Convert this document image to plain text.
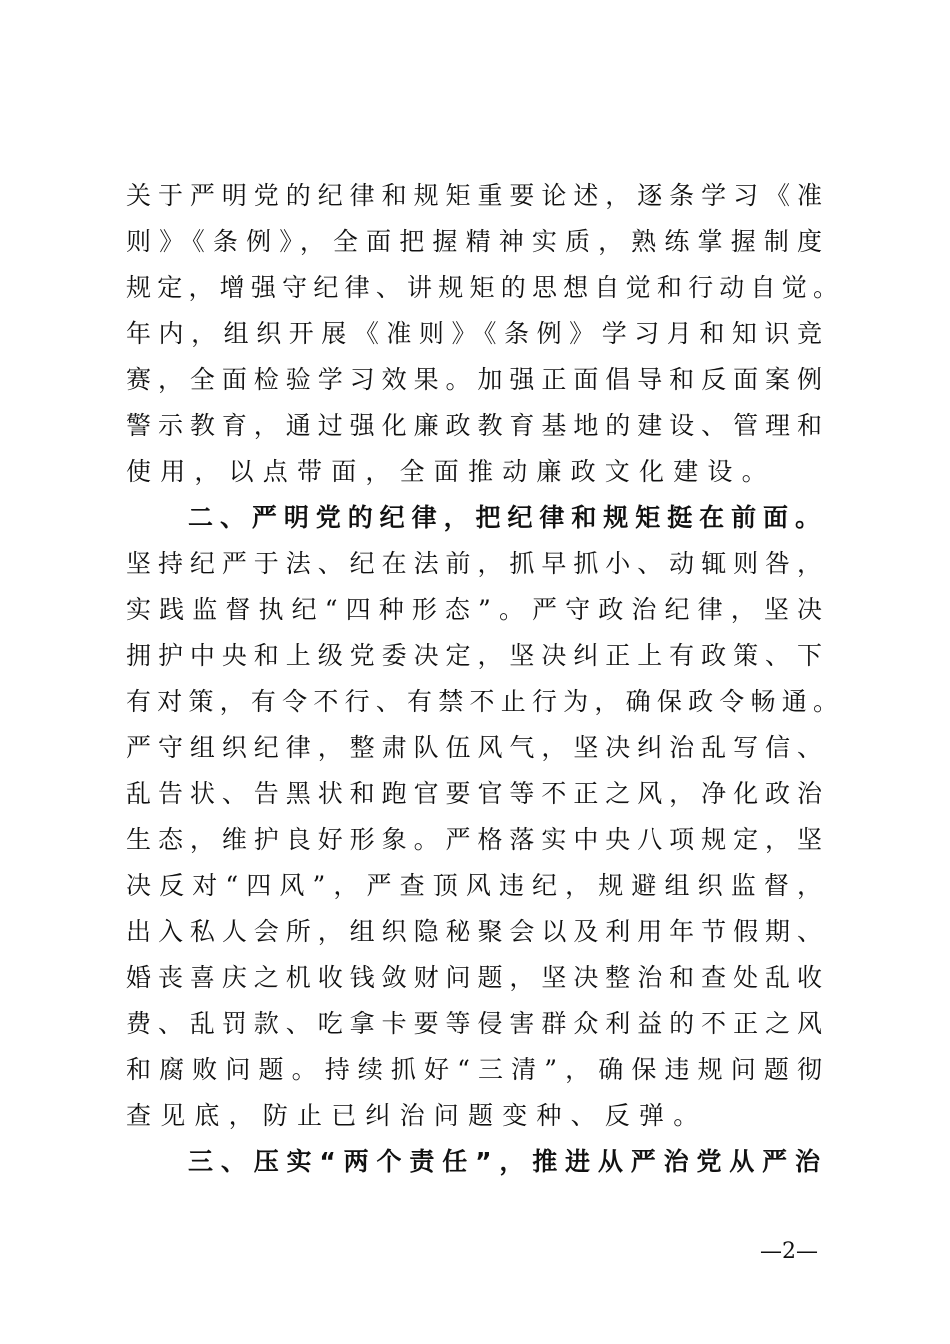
关于严明党的纪律和规矩重要论述，逐条学习《准
则》《条例》，全面把握精神实质，熟练掌握制度
规定，增强守纪律、讲规矩的思想自觉和行动自觉。
年内，组织开展《准则》《条例》学习月和知识竞
赛，全面检验学习效果。加强正面倡导和反面案例
警示教育，通过强化廉政教育基地的建设、管理和
使用，以点带面，全面推动廉政文化建设。
二、严明党的纪律，把纪律和规矩挺在前面。
坚持纪严于法、纪在法前，抓早抓小、动辄则咎，
实践监督执纪“四种形态”。严守政治纪律，坚决
拥护中央和上级党委决定，坚决纠正上有政策、下
有对策，有令不行、有禁不止行为，确保政令畅通。
严守组织纪律，整肃队伍风气，坚决纠治乱写信、
乱告状、告黑状和跑官要官等不正之风，净化政治
生态，维护良好形象。严格落实中央八项规定，坚
决反对“四风”，严查顶风违纪，规避组织监督，
出入私人会所，组织隐秘聚会以及利用年节假期、
婚丧喜庆之机收钱敛财问题，坚决整治和查处乱收
费、乱罚款、吃拿卡要等侵害群众利益的不正之风
和腐败问题。持续抓好“三清”，确保违规问题彻
查见底，防止已纠治问题变种、反弹。
三、压实“两个责任”，推进从严治党从严治
—2—
